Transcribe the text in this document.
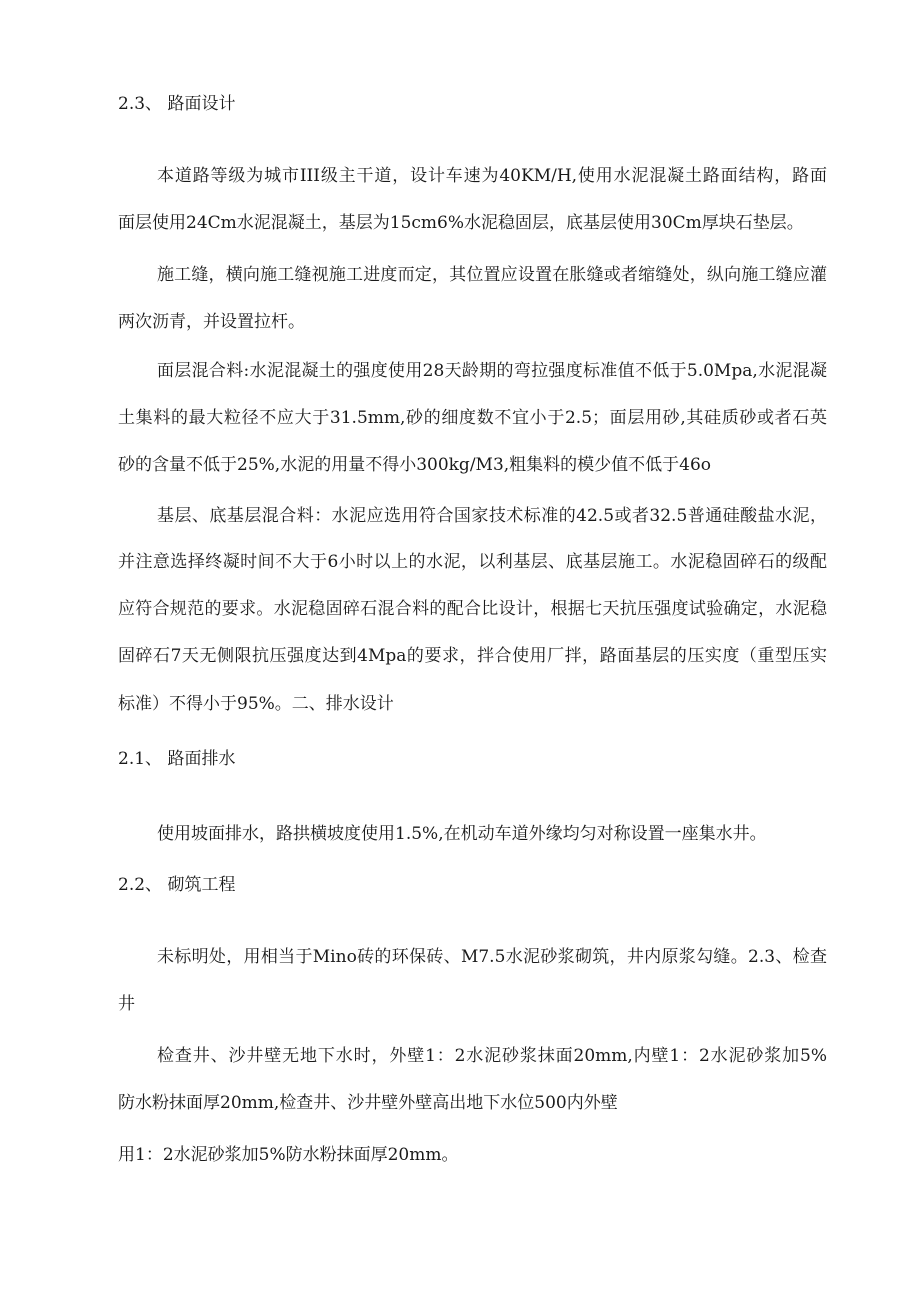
2.3、 路面设计

本道路等级为城市III级主干道，设计车速为40KM/H,使用水泥混凝土路面结构，路面

面层使用24Cm水泥混凝土，基层为15cm6%水泥稳固层，底基层使用30Cm厚块石垫层。

施工缝，横向施工缝视施工进度而定，其位置应设置在胀缝或者缩缝处，纵向施工缝应灌

两次沥青，并设置拉杆。

面层混合料:水泥混凝土的强度使用28天龄期的弯拉强度标准值不低于5.0Mpa,水泥混凝

土集料的最大粒径不应大于31.5mm,砂的细度数不宜小于2.5；面层用砂,其硅质砂或者石英

砂的含量不低于25%,水泥的用量不得小300kg/M3,粗集料的模少值不低于46o

基层、底基层混合料：水泥应选用符合国家技术标准的42.5或者32.5普通硅酸盐水泥，

并注意选择终凝时间不大于6小时以上的水泥，以利基层、底基层施工。水泥稳固碎石的级配

应符合规范的要求。水泥稳固碎石混合料的配合比设计，根据七天抗压强度试验确定，水泥稳

固碎石7天无侧限抗压强度达到4Mpa的要求，拌合使用厂拌，路面基层的压实度（重型压实

标准）不得小于95%。二、排水设计

2.1、 路面排水

使用坡面排水，路拱横坡度使用1.5%,在机动车道外缘均匀对称设置一座集水井。

2.2、 砌筑工程

未标明处，用相当于Mino砖的环保砖、M7.5水泥砂浆砌筑，井内原浆勾缝。2.3、检查

井

检查井、沙井壁无地下水时，外壁1：2水泥砂浆抹面20mm,内壁1：2水泥砂浆加5%

防水粉抹面厚20mm,检查井、沙井壁外壁高出地下水位500内外壁

用1：2水泥砂浆加5%防水粉抹面厚20mm。
